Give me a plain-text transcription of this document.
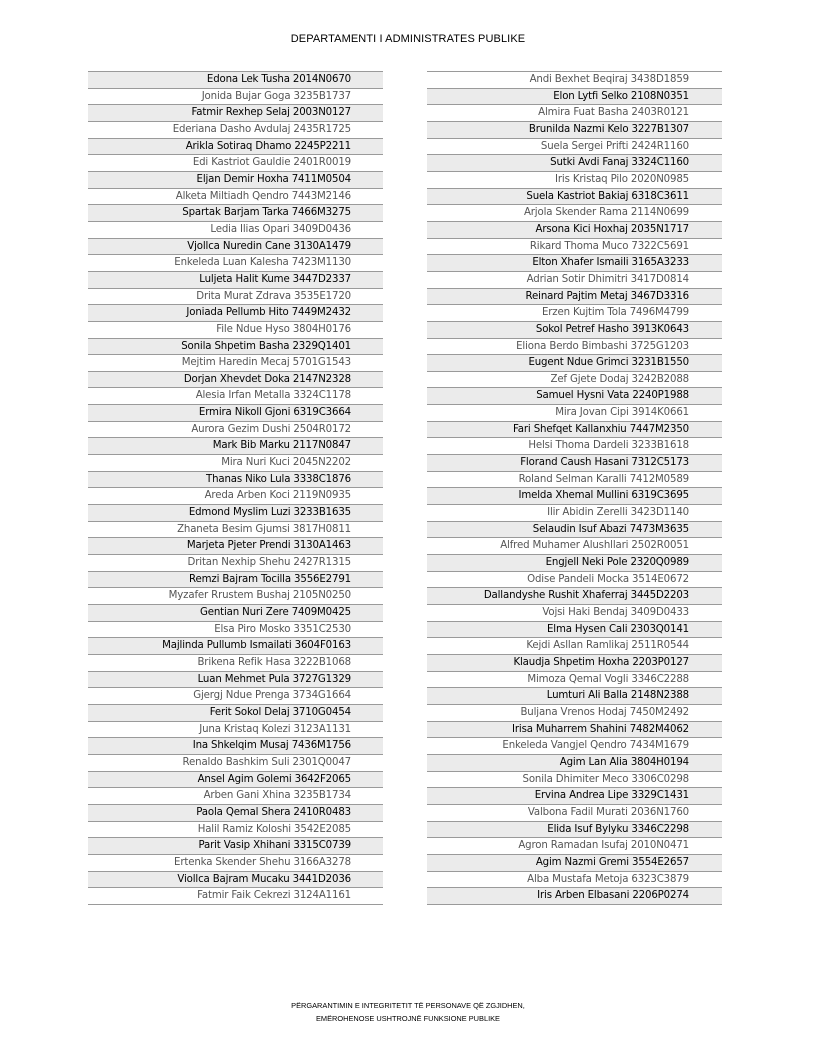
DEPARTAMENTI I ADMINISTRATES PUBLIKE
Edona Lek Tusha 2014N0670
Jonida Bujar Goga 3235B1737
Fatmir Rexhep Selaj 2003N0127
Ederiana Dasho Avdulaj 2435R1725
Arikla Sotiraq Dhamo 2245P2211
Edi Kastriot Gauldie 2401R0019
Eljan Demir Hoxha 7411M0504
Alketa Miltiadh Qendro 7443M2146
Spartak Barjam Tarka 7466M3275
Ledia Ilias Opari 3409D0436
Vjollca Nuredin Cane 3130A1479
Enkeleda Luan Kalesha 7423M1130
Luljeta Halit Kume 3447D2337
Drita Murat Zdrava 3535E1720
Joniada Pellumb Hito 7449M2432
File Ndue Hyso 3804H0176
Sonila Shpetim Basha 2329Q1401
Mejtim Haredin Mecaj 5701G1543
Dorjan Xhevdet Doka 2147N2328
Alesia Irfan Metalla 3324C1178
Ermira Nikoll Gjoni 6319C3664
Aurora Gezim Dushi 2504R0172
Mark Bib Marku 2117N0847
Mira Nuri Kuci 2045N2202
Thanas Niko Lula 3338C1876
Areda Arben Koci 2119N0935
Edmond Myslim Luzi 3233B1635
Zhaneta Besim Gjumsi 3817H0811
Marjeta Pjeter Prendi 3130A1463
Dritan Nexhip Shehu 2427R1315
Remzi Bajram Tocilla 3556E2791
Myzafer Rrustem Bushaj 2105N0250
Gentian Nuri Zere 7409M0425
Elsa Piro Mosko 3351C2530
Majlinda Pullumb Ismailati 3604F0163
Brikena Refik Hasa 3222B1068
Luan Mehmet Pula 3727G1329
Gjergj Ndue Prenga 3734G1664
Ferit Sokol Delaj 3710G0454
Juna Kristaq Kolezi 3123A1131
Ina Shkelqim Musaj 7436M1756
Renaldo Bashkim Suli 2301Q0047
Ansel Agim Golemi 3642F2065
Arben Gani Xhina 3235B1734
Paola Qemal Shera 2410R0483
Halil Ramiz Koloshi 3542E2085
Parit Vasip Xhihani 3315C0739
Ertenka Skender Shehu 3166A3278
Viollca Bajram Mucaku 3441D2036
Fatmir Faik Cekrezi 3124A1161
Andi Bexhet Beqiraj 3438D1859
Elon Lytfi Selko 2108N0351
Almira Fuat Basha 2403R0121
Brunilda Nazmi Kelo 3227B1307
Suela Sergei Prifti 2424R1160
Sutki Avdi Fanaj 3324C1160
Iris Kristaq Pilo 2020N0985
Suela Kastriot Bakiaj 6318C3611
Arjola Skender Rama 2114N0699
Arsona Kici Hoxhaj 2035N1717
Rikard Thoma Muco 7322C5691
Elton Xhafer Ismaili 3165A3233
Adrian Sotir Dhimitri 3417D0814
Reinard Pajtim Metaj 3467D3316
Erzen Kujtim Tola 7496M4799
Sokol Petref Hasho 3913K0643
Eliona Berdo Bimbashi 3725G1203
Eugent Ndue Grimci 3231B1550
Zef Gjete Dodaj 3242B2088
Samuel Hysni Vata 2240P1988
Mira Jovan Cipi 3914K0661
Fari Shefqet Kallanxhiu 7447M2350
Helsi Thoma Dardeli 3233B1618
Florand Caush Hasani 7312C5173
Roland Selman Karalli 7412M0589
Imelda Xhemal Mullini 6319C3695
Ilir Abidin Zerelli 3423D1140
Selaudin Isuf Abazi 7473M3635
Alfred Muhamer Alushllari 2502R0051
Engjell Neki Pole 2320Q0989
Odise Pandeli Mocka 3514E0672
Dallandyshe Rushit Xhaferraj 3445D2203
Vojsi Haki Bendaj 3409D0433
Elma Hysen Cali 2303Q0141
Kejdi Asllan Ramlikaj 2511R0544
Klaudja Shpetim Hoxha 2203P0127
Mimoza Qemal Vogli 3346C2288
Lumturi Ali Balla 2148N2388
Buljana Vrenos Hodaj 7450M2492
Irisa Muharrem Shahini 7482M4062
Enkeleda Vangjel Qendro 7434M1679
Agim Lan Alia 3804H0194
Sonila Dhimiter Meco 3306C0298
Ervina Andrea Lipe 3329C1431
Valbona Fadil Murati 2036N1760
Elida Isuf Bylyku 3346C2298
Agron Ramadan Isufaj 2010N0471
Agim Nazmi Gremi 3554E2657
Alba Mustafa Metoja 6323C3879
Iris Arben Elbasani 2206P0274
PËRGARANTIMIN E INTEGRITETIT TË PERSONAVE QË ZGJIDHEN,
EMËROHENOSE USHTROJNË FUNKSIONE PUBLIKE
